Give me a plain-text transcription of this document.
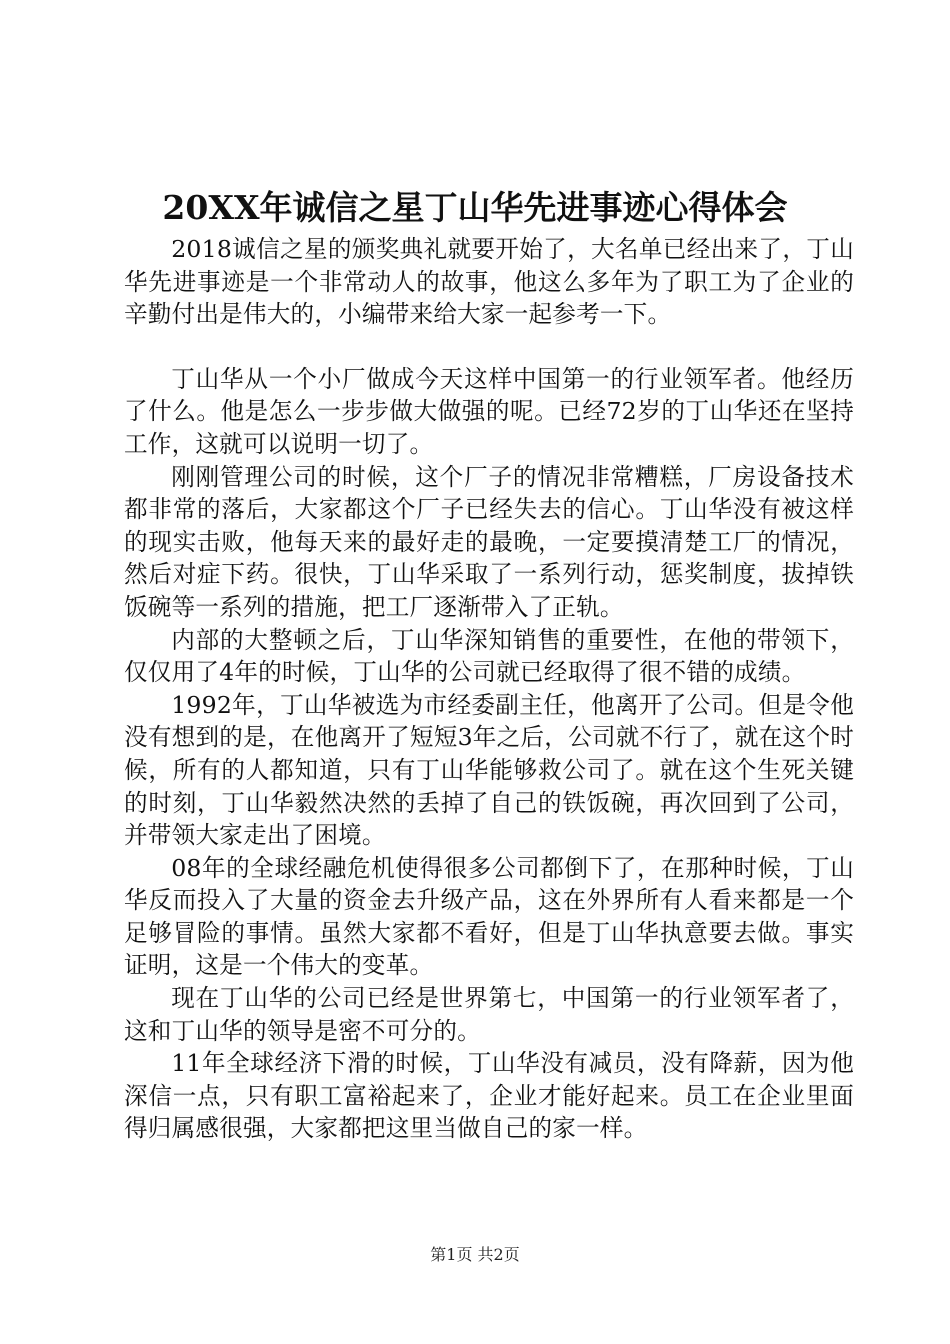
20XX年诚信之星丁山华先进事迹心得体会

2018诚信之星的颁奖典礼就要开始了，大名单已经出来了，丁山华先进事迹是一个非常动人的故事，他这么多年为了职工为了企业的辛勤付出是伟大的，小编带来给大家一起参考一下。

丁山华从一个小厂做成今天这样中国第一的行业领军者。他经历了什么。他是怎么一步步做大做强的呢。已经72岁的丁山华还在坚持工作，这就可以说明一切了。

刚刚管理公司的时候，这个厂子的情况非常糟糕，厂房设备技术都非常的落后，大家都这个厂子已经失去的信心。丁山华没有被这样的现实击败，他每天来的最好走的最晚，一定要摸清楚工厂的情况，然后对症下药。很快，丁山华采取了一系列行动，惩奖制度，拔掉铁饭碗等一系列的措施，把工厂逐渐带入了正轨。

内部的大整顿之后，丁山华深知销售的重要性，在他的带领下，仅仅用了4年的时候，丁山华的公司就已经取得了很不错的成绩。

1992年，丁山华被选为市经委副主任，他离开了公司。但是令他没有想到的是，在他离开了短短3年之后，公司就不行了，就在这个时候，所有的人都知道，只有丁山华能够救公司了。就在这个生死关键的时刻，丁山华毅然决然的丢掉了自己的铁饭碗，再次回到了公司，并带领大家走出了困境。

08年的全球经融危机使得很多公司都倒下了，在那种时候，丁山华反而投入了大量的资金去升级产品，这在外界所有人看来都是一个足够冒险的事情。虽然大家都不看好，但是丁山华执意要去做。事实证明，这是一个伟大的变革。

现在丁山华的公司已经是世界第七，中国第一的行业领军者了，这和丁山华的领导是密不可分的。

11年全球经济下滑的时候，丁山华没有减员，没有降薪，因为他深信一点，只有职工富裕起来了，企业才能好起来。员工在企业里面得归属感很强，大家都把这里当做自己的家一样。

第1页 共2页
